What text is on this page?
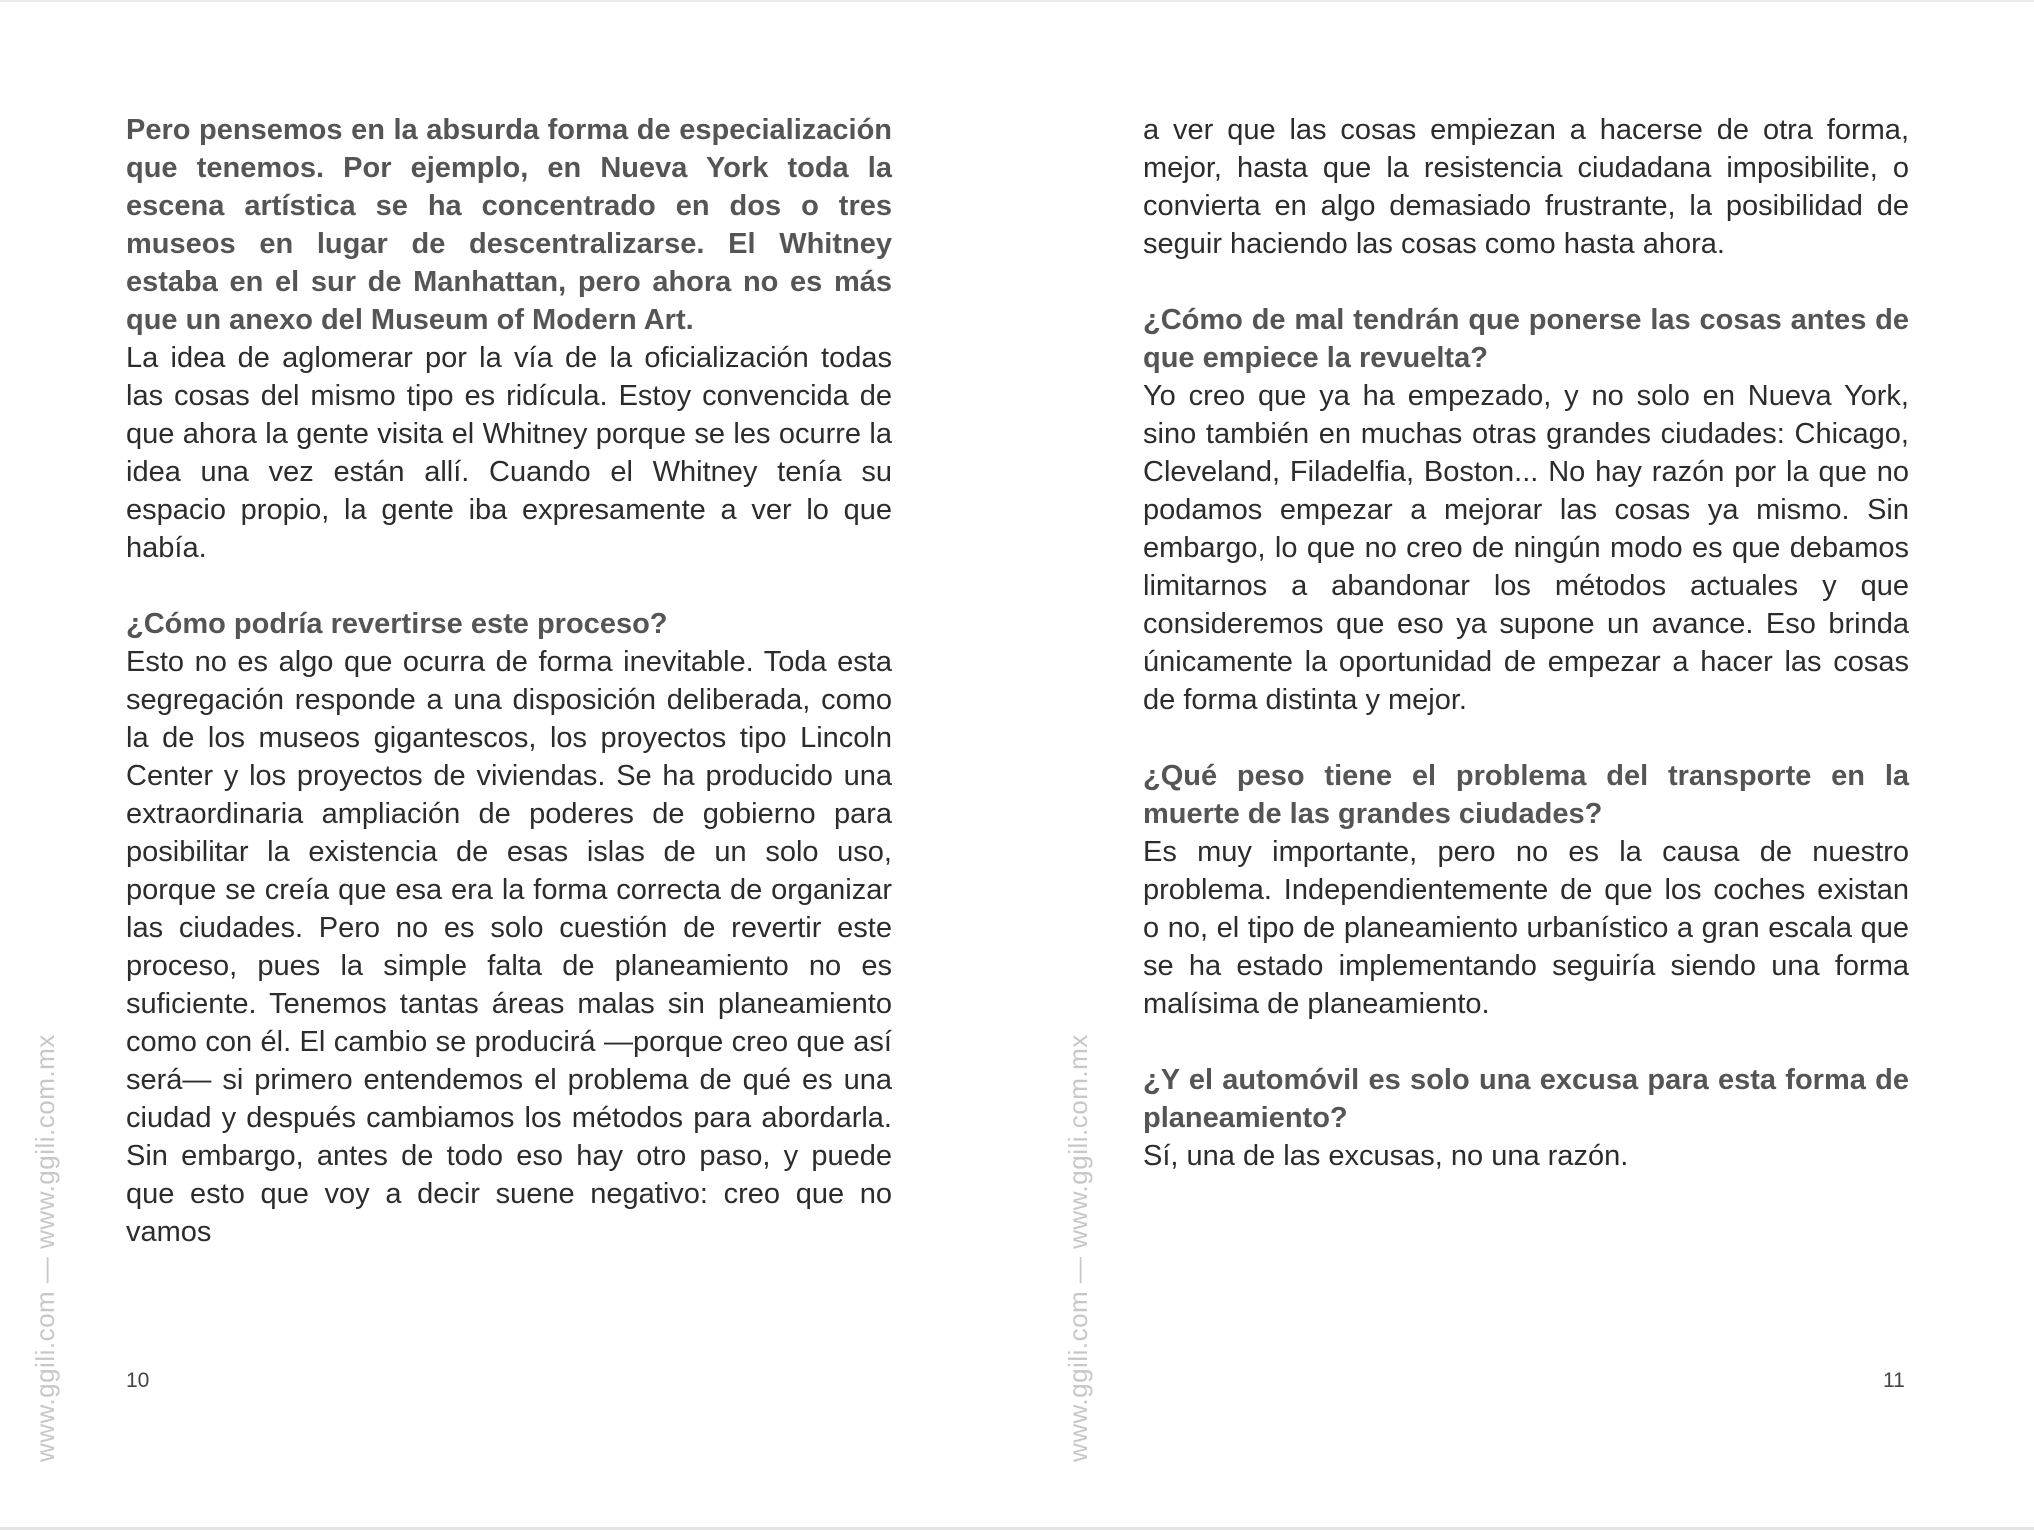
www.ggili.com — www.ggili.com.mx

Pero pensemos en la absurda forma de especialización que tenemos. Por ejemplo, en Nueva York toda la escena artística se ha concentrado en dos o tres museos en lugar de descentralizarse. El Whitney estaba en el sur de Manhattan, pero ahora no es más que un anexo del Museum of Modern Art.

La idea de aglomerar por la vía de la oficialización todas las cosas del mismo tipo es ridícula. Estoy convencida de que ahora la gente visita el Whitney porque se les ocurre la idea una vez están allí. Cuando el Whitney tenía su espacio propio, la gente iba expresamente a ver lo que había.

¿Cómo podría revertirse este proceso?

Esto no es algo que ocurra de forma inevitable. Toda esta segregación responde a una disposición deliberada, como la de los museos gigantescos, los proyectos tipo Lincoln Center y los proyectos de viviendas. Se ha producido una extraordinaria ampliación de poderes de gobierno para posibilitar la existencia de esas islas de un solo uso, porque se creía que esa era la forma correcta de organizar las ciudades. Pero no es solo cuestión de revertir este proceso, pues la simple falta de planeamiento no es suficiente. Tenemos tantas áreas malas sin planeamiento como con él. El cambio se producirá —porque creo que así será— si primero entendemos el problema de qué es una ciudad y después cambiamos los métodos para abordarla. Sin embargo, antes de todo eso hay otro paso, y puede que esto que voy a decir suene negativo: creo que no vamos

10	www.ggili.com — www.ggili.com.mx

a ver que las cosas empiezan a hacerse de otra forma, mejor, hasta que la resistencia ciudadana imposibilite, o convierta en algo demasiado frustrante, la posibilidad de seguir haciendo las cosas como hasta ahora.

¿Cómo de mal tendrán que ponerse las cosas antes de que empiece la revuelta?

Yo creo que ya ha empezado, y no solo en Nueva York, sino también en muchas otras grandes ciudades: Chicago, Cleveland, Filadelfia, Boston... No hay razón por la que no podamos empezar a mejorar las cosas ya mismo. Sin embargo, lo que no creo de ningún modo es que debamos limitarnos a abandonar los métodos actuales y que consideremos que eso ya supone un avance. Eso brinda únicamente la oportunidad de empezar a hacer las cosas de forma distinta y mejor.

¿Qué peso tiene el problema del transporte en la muerte de las grandes ciudades?

Es muy importante, pero no es la causa de nuestro problema. Independientemente de que los coches existan o no, el tipo de planeamiento urbanístico a gran escala que se ha estado implementando seguiría siendo una forma malísima de planeamiento.

¿Y el automóvil es solo una excusa para esta forma de planeamiento?

Sí, una de las excusas, no una razón.

11
